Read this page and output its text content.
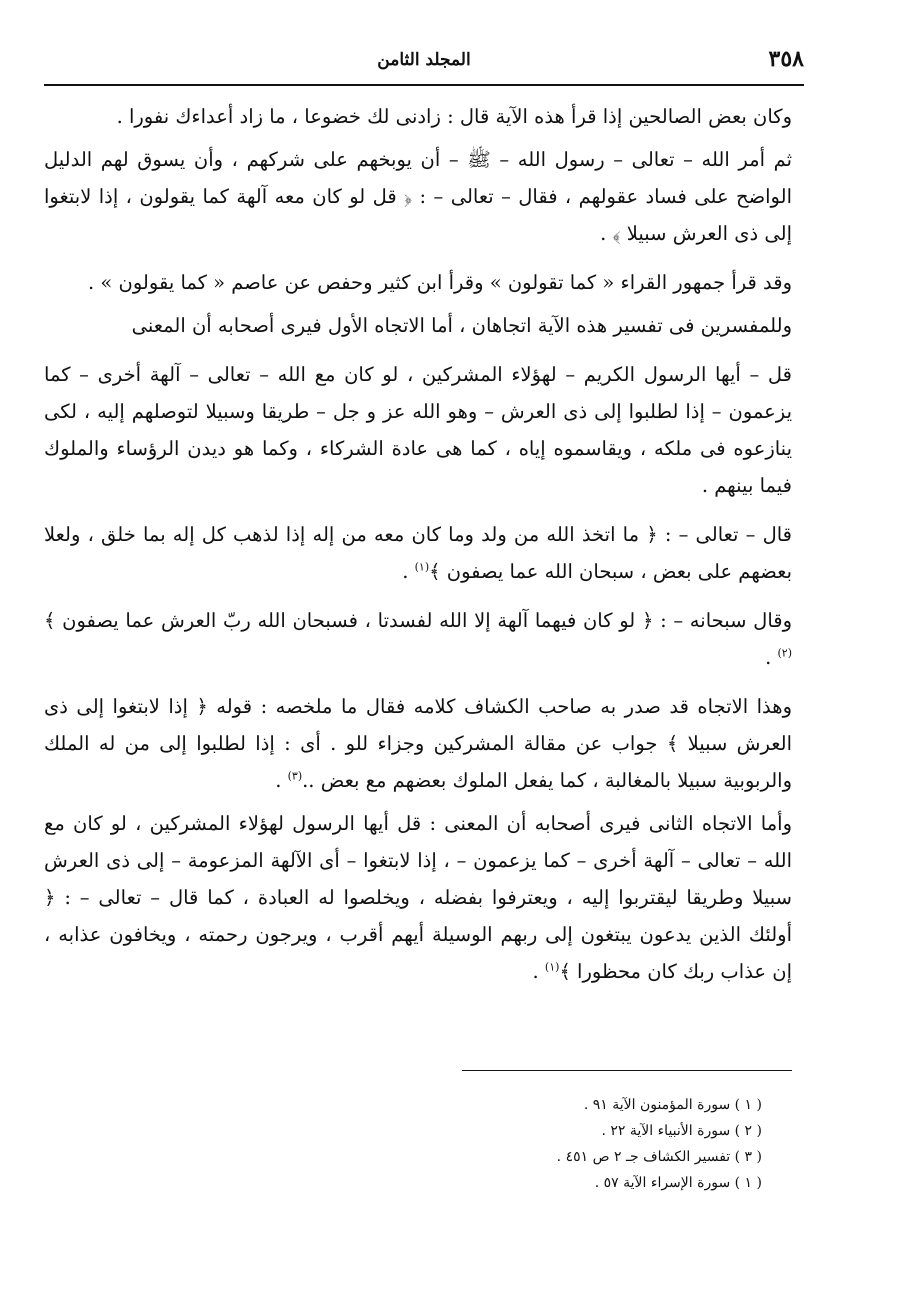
٣٥٨
المجلد الثامن

وكان بعض الصالحين إذا قرأ هذه الآية قال : زادنى لك خضوعا ، ما زاد أعداءك نفورا .

ثم أمر الله – تعالى – رسول الله – ﷺ – أن يوبخهم على شركهم ، وأن يسوق لهم الدليل الواضح على فساد عقولهم ، فقال – تعالى – : ﴿ قل لو كان معه آلهة كما يقولون ، إذا لابتغوا إلى ذى العرش سبيلا ﴾ .

وقد قرأ جمهور القراء « كما تقولون » وقرأ ابن كثير وحفص عن عاصم « كما يقولون » .

وللمفسرين فى تفسير هذه الآية اتجاهان ، أما الاتجاه الأول فيرى أصحابه أن المعنى

قل – أيها الرسول الكريم – لهؤلاء المشركين ، لو كان مع الله – تعالى – آلهة أخرى – كما يزعمون – إذا لطلبوا إلى ذى العرش – وهو الله عز و جل – طريقا وسبيلا لتوصلهم إليه ، لكى ينازعوه فى ملكه ، ويقاسموه إياه ، كما هى عادة الشركاء ، وكما هو ديدن الرؤساء والملوك فيما بينهم .

قال – تعالى – : ﴿ ما اتخذ الله من ولد وما كان معه من إله إذا لذهب كل إله بما خلق ، ولعلا بعضهم على بعض ، سبحان الله عما يصفون ﴾$^{(١)}$ .

وقال سبحانه – : ﴿ لو كان فيهما آلهة إلا الله لفسدتا ، فسبحان الله ربّ العرش عما يصفون ﴾$^{(٢)}$ .

وهذا الاتجاه قد صدر به صاحب الكشاف كلامه فقال ما ملخصه : قوله ﴿ إذا لابتغوا إلى ذى العرش سبيلا ﴾ جواب عن مقالة المشركين وجزاء للو . أى : إذا لطلبوا إلى من له الملك والربوبية سبيلا بالمغالبة ، كما يفعل الملوك بعضهم مع بعض ..$^{(٣)}$ .

وأما الاتجاه الثانى فيرى أصحابه أن المعنى : قل أيها الرسول لهؤلاء المشركين ، لو كان مع الله – تعالى – آلهة أخرى – كما يزعمون – ، إذا لابتغوا – أى الآلهة المزعومة – إلى ذى العرش سبيلا وطريقا ليقتربوا إليه ، ويعترفوا بفضله ، ويخلصوا له العبادة ، كما قال – تعالى – : ﴿ أولئك الذين يدعون يبتغون إلى ربهم الوسيلة أيهم أقرب ، ويرجون رحمته ، ويخافون عذابه ، إن عذاب ربك كان محظورا ﴾$^{(١)}$ .

( ١ ) سورة المؤمنون الآية ٩١ .
( ٢ ) سورة الأنبياء الآية ٢٢ .
( ٣ ) تفسير الكشاف جـ ٢ ص ٤٥١ .
( ١ ) سورة الإسراء الآية ٥٧ .
